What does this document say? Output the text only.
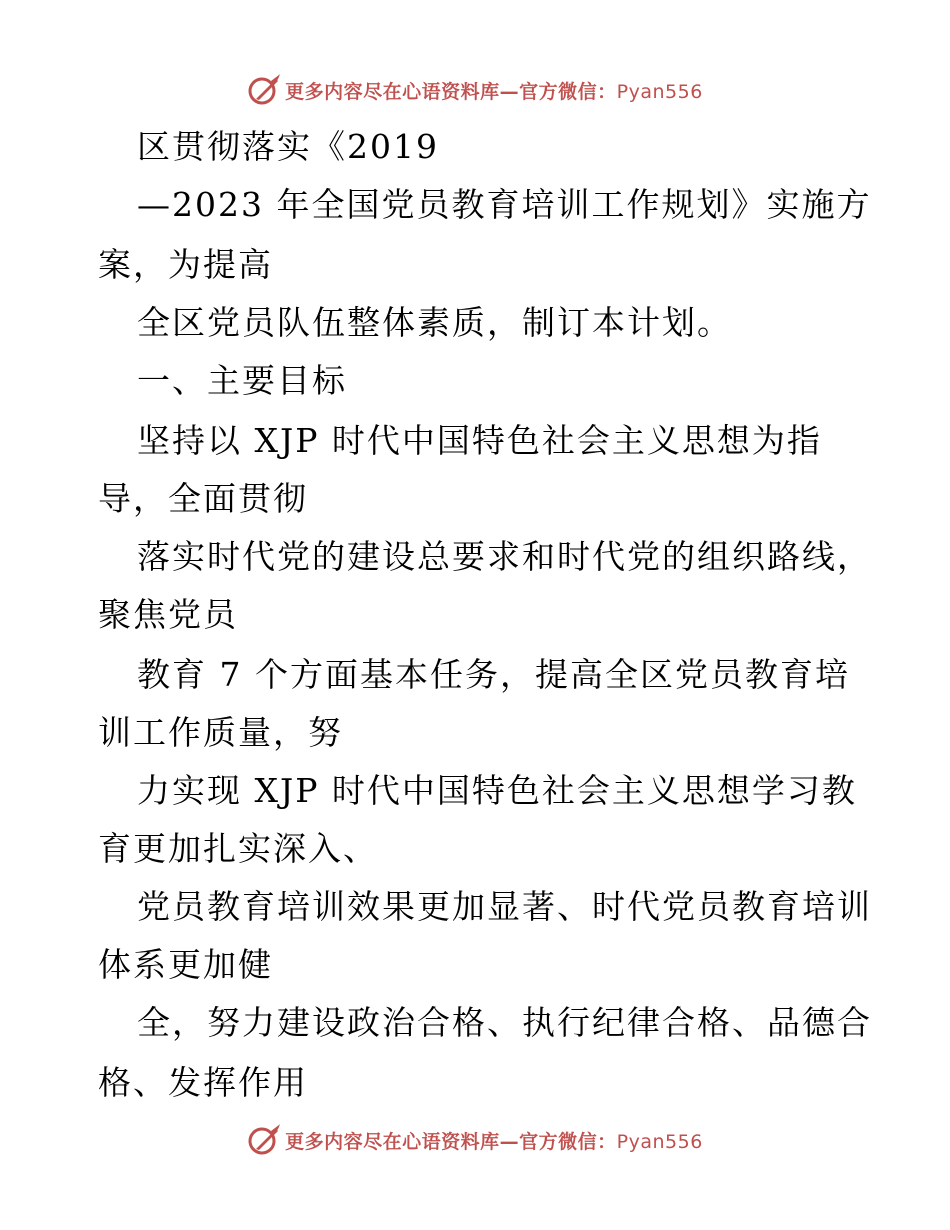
更多内容尽在心语资料库—官方微信：Pyan556
区贯彻落实《2019
—2023 年全国党员教育培训工作规划》实施方
案，为提高
全区党员队伍整体素质，制订本计划。
一、主要目标
坚持以 XJP 时代中国特色社会主义思想为指
导，全面贯彻
落实时代党的建设总要求和时代党的组织路线，
聚焦党员
教育 7 个方面基本任务，提高全区党员教育培
训工作质量，努
力实现 XJP 时代中国特色社会主义思想学习教
育更加扎实深入、
党员教育培训效果更加显著、时代党员教育培训
体系更加健
全，努力建设政治合格、执行纪律合格、品德合
格、发挥作用
更多内容尽在心语资料库—官方微信：Pyan556
